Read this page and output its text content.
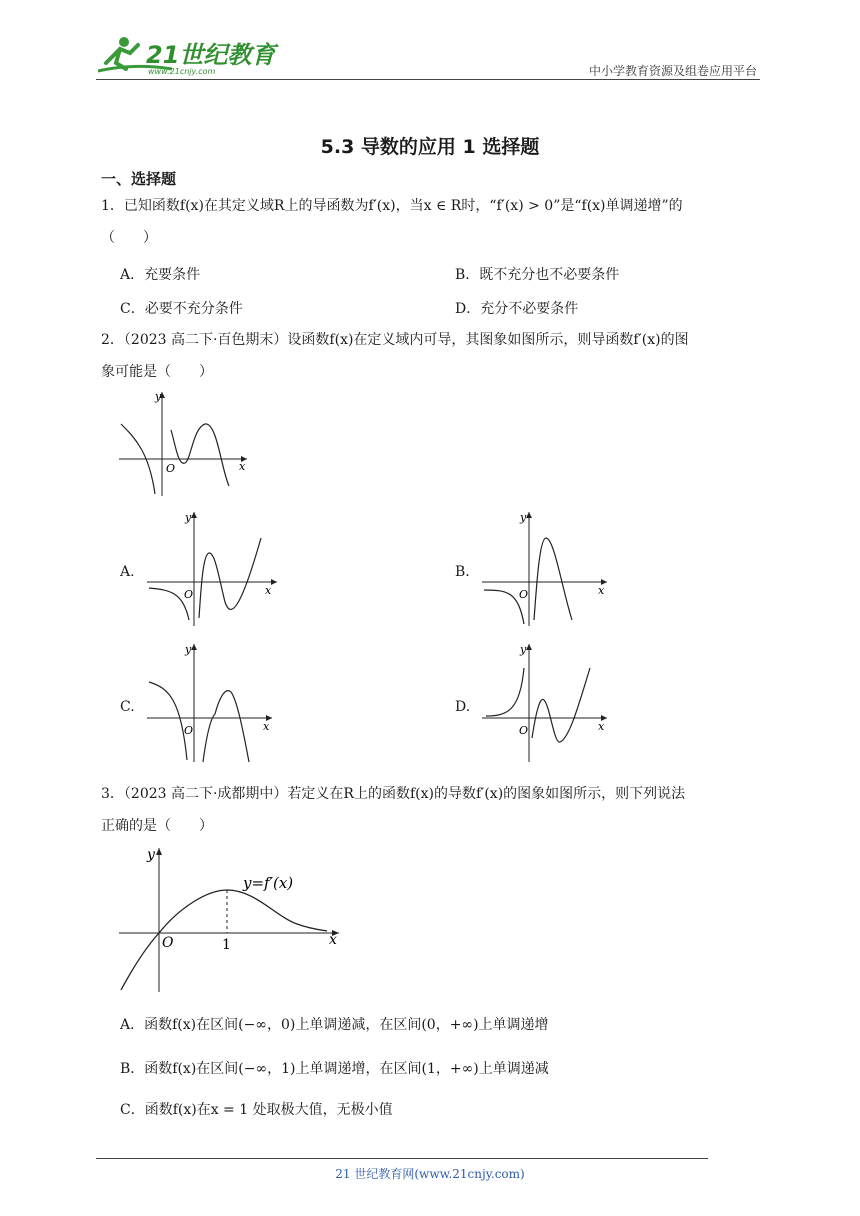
21世纪教育
www.21cnjy.com	中小学教育资源及组卷应用平台
5.3 导数的应用 1 选择题
一、选择题
1．已知函数f(x)在其定义域R上的导函数为f′(x)，当x ∈ R时，“f′(x) > 0”是“f(x)单调递增”的
（　　）
A．充要条件	B．既不充分也不必要条件
C．必要不充分条件	D．充分不必要条件
2．（2023 高二下·百色期末）设函数f(x)在定义域内可导，其图象如图所示，则导函数f′(x)的图
象可能是（　　）
y
x
O
A.
y
x
O
B.
y
x
O
C.
y
x
O
D.
y
x
O
3．（2023 高二下·成都期中）若定义在R上的函数f(x)的导数f′(x)的图象如图所示，则下列说法
正确的是（　　）
y
x
O	1
y=f′(x)
A．函数f(x)在区间(−∞，0)上单调递减，在区间(0，+∞)上单调递增
B．函数f(x)在区间(−∞，1)上单调递增，在区间(1，+∞)上单调递减
C．函数f(x)在x = 1 处取极大值，无极小值
21 世纪教育网(www.21cnjy.com)
